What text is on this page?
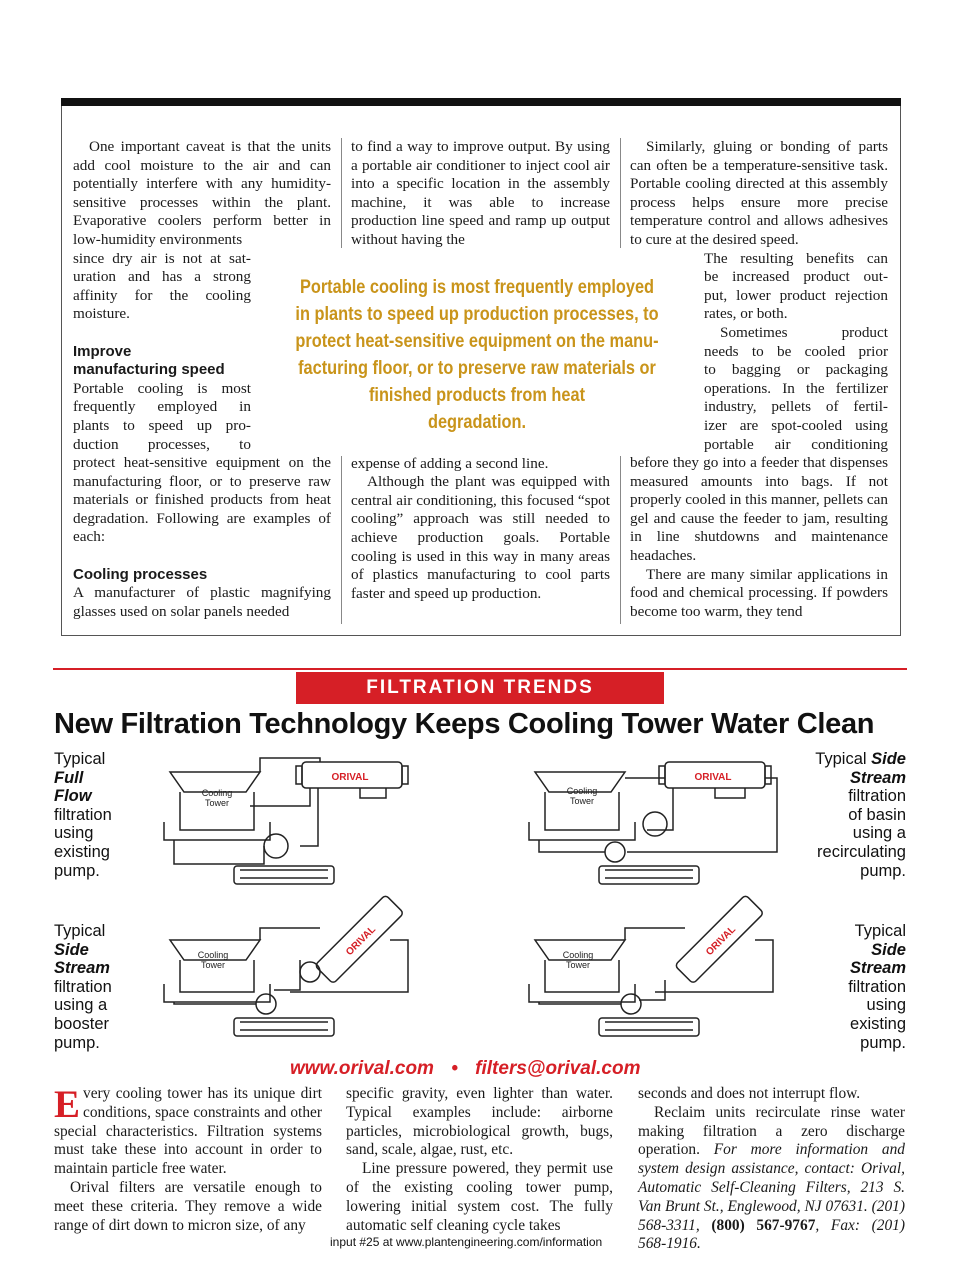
One important caveat is that the units add cool moisture to the air and can potentially interfere with any humidity-sensitive processes within the plant. Evaporative coolers perform better in low-humidity environments

since dry air is not at sat-

uration and has a strong

affinity for the cooling

moisture.

Improve

manufacturing speed

Portable cooling is most

frequently employed in

plants to speed up pro-

duction processes, to

protect heat-sensitive equipment on the manufacturing floor, or to preserve raw materials or finished products from heat degradation. Following are examples of each:

Cooling processes

A manufacturer of plastic magnifying glasses used on solar panels needed

to find a way to improve output. By using a portable air conditioner to inject cool air into a specific location in the assembly machine, it was able to increase production line speed and ramp up output without having the

expense of adding a second line.

Although the plant was equipped with central air conditioning, this focused “spot cooling” approach was still needed to achieve production goals. Portable cooling is used in this way in many areas of plastics manufacturing to cool parts faster and speed up production.

Similarly, gluing or bonding of parts can often be a temperature-sensitive task. Portable cooling directed at this assembly process helps ensure more precise temperature control and allows adhesives to cure at the desired speed.

The resulting benefits can

be increased product out-

put, lower product rejection

rates, or both.

Sometimes product

needs to be cooled prior

to bagging or packaging

operations. In the fertilizer

industry, pellets of fertil-

izer are spot-cooled using

portable air conditioning

before they go into a feeder that dispenses measured amounts into bags. If not properly cooled in this manner, pellets can gel and cause the feeder to jam, resulting in line shutdowns and maintenance headaches.

There are many similar applications in food and chemical processing. If powders become too warm, they tend

Portable cooling is most frequently employed
in plants to speed up production processes, to
protect heat-sensitive equipment on the manu-
facturing floor, or to preserve raw materials or
finished products from heat
degradation.
FILTRATION TRENDS
New Filtration Technology Keeps Cooling Tower Water Clean
Typical
Full
Flow
filtration
using
existing
pump.
Typical Side
Stream
filtration
of basin
using a
recirculating
pump.
Typical
Side
Stream
filtration
using a
booster
pump.
Typical
Side
Stream
filtration
using
existing
pump.
Cooling
Tower
ORIVAL
Cooling
Tower
ORIVAL
Cooling
Tower
ORIVAL	Cooling
Tower
ORIVAL
www.orival.com • filters@orival.com

Every cooling tower has its unique dirt conditions, space constraints and other special characteristics. Filtration systems must take these into account in order to maintain particle free water.

Orival filters are versatile enough to meet these criteria. They remove a wide range of dirt down to micron size, of any

specific gravity, even lighter than water. Typical examples include: airborne particles, microbiological growth, bugs, sand, scale, algae, rust, etc.

Line pressure powered, they permit use of the existing cooling tower pump, lowering initial system cost. The fully automatic self cleaning cycle takes

seconds and does not interrupt flow.

Reclaim units recirculate rinse water making filtration a zero discharge operation. For more information and system design assistance, contact: Orival, Automatic Self-Cleaning Filters, 213 S. Van Brunt St., Englewood, NJ 07631. (201) 568-3311, (800) 567-9767, Fax: (201) 568-1916.

input #25 at www.plantengineering.com/information
